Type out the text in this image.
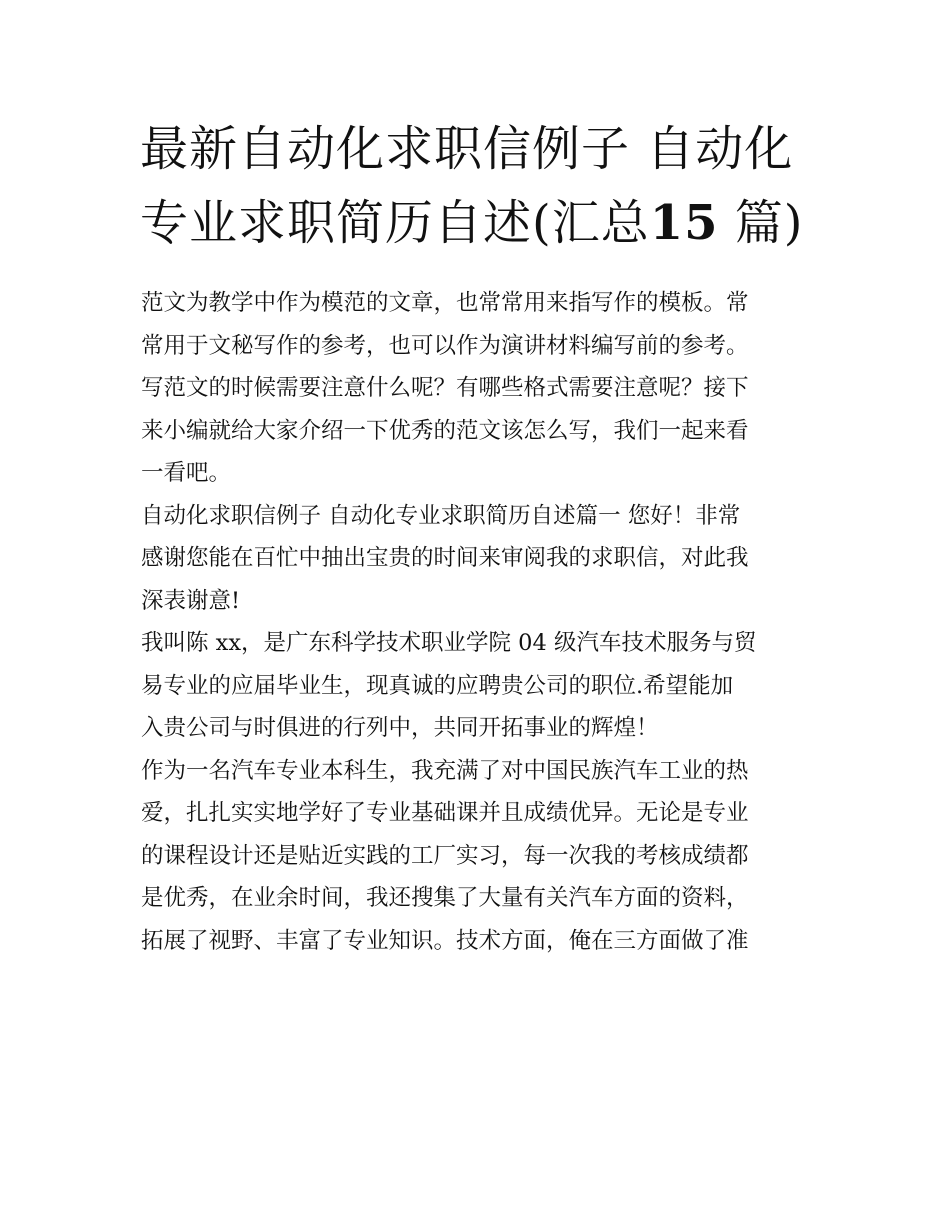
最新自动化求职信例子 自动化
专业求职简历自述(汇总15 篇)

范文为教学中作为模范的文章，也常常用来指写作的模板。常
常用于文秘写作的参考，也可以作为演讲材料编写前的参考。
写范文的时候需要注意什么呢？有哪些格式需要注意呢？接下
来小编就给大家介绍一下优秀的范文该怎么写，我们一起来看
一看吧。

自动化求职信例子 自动化专业求职简历自述篇一 您好！非常
感谢您能在百忙中抽出宝贵的时间来审阅我的求职信，对此我
深表谢意!

我叫陈 xx，是广东科学技术职业学院 04 级汽车技术服务与贸
易专业的应届毕业生，现真诚的应聘贵公司的职位.希望能加
入贵公司与时俱进的行列中，共同开拓事业的辉煌！

作为一名汽车专业本科生，我充满了对中国民族汽车工业的热
爱，扎扎实实地学好了专业基础课并且成绩优异。无论是专业
的课程设计还是贴近实践的工厂实习，每一次我的考核成绩都
是优秀，在业余时间，我还搜集了大量有关汽车方面的资料，
拓展了视野、丰富了专业知识。技术方面，俺在三方面做了准
